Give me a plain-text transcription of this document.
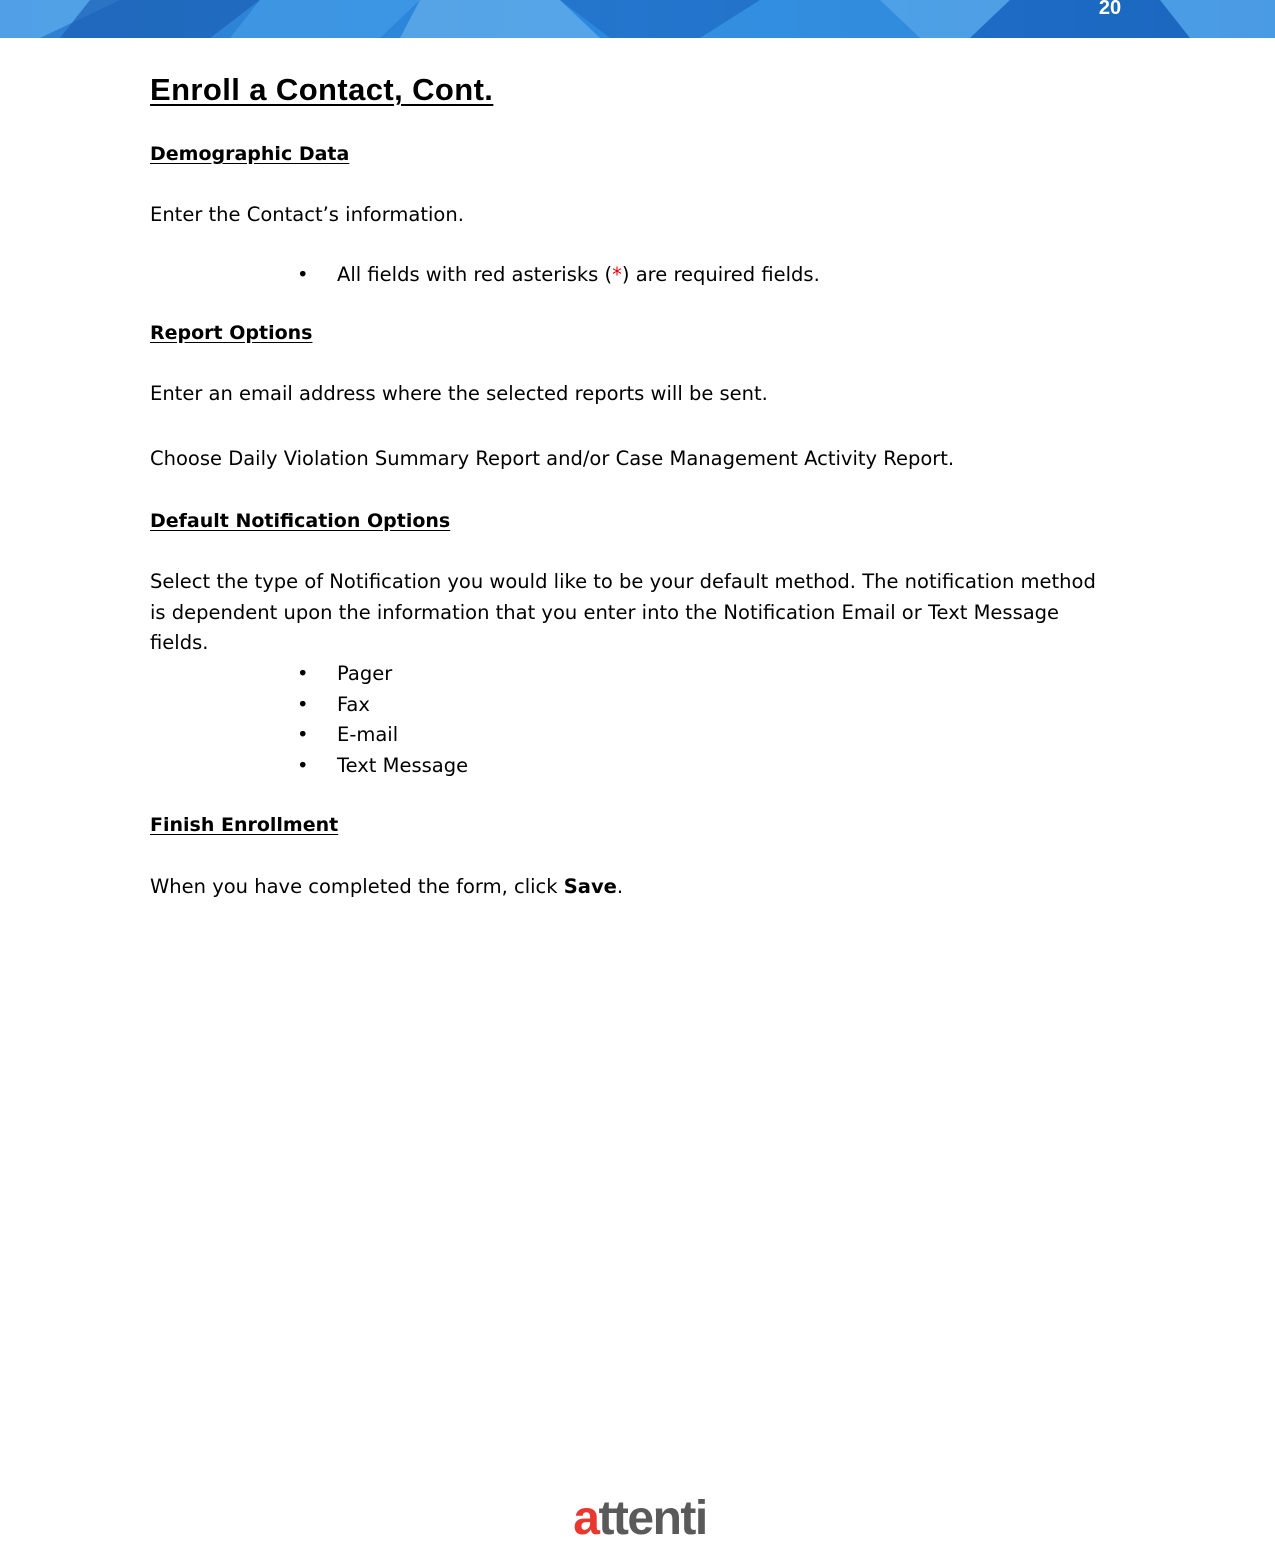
20
Enroll a Contact, Cont.
Demographic Data

Enter the Contact’s information.

• All fields with red asterisks (*) are required fields.
Report Options

Enter an email address where the selected reports will be sent.

Choose Daily Violation Summary Report and/or Case Management Activity Report.

Default Notification Options

Select the type of Notification you would like to be your default method. The notification method is dependent upon the information that you enter into the Notification Email or Text Message fields.

• Pager
• Fax
• E-mail
• Text Message
Finish Enrollment

When you have completed the form, click Save.

attenti
